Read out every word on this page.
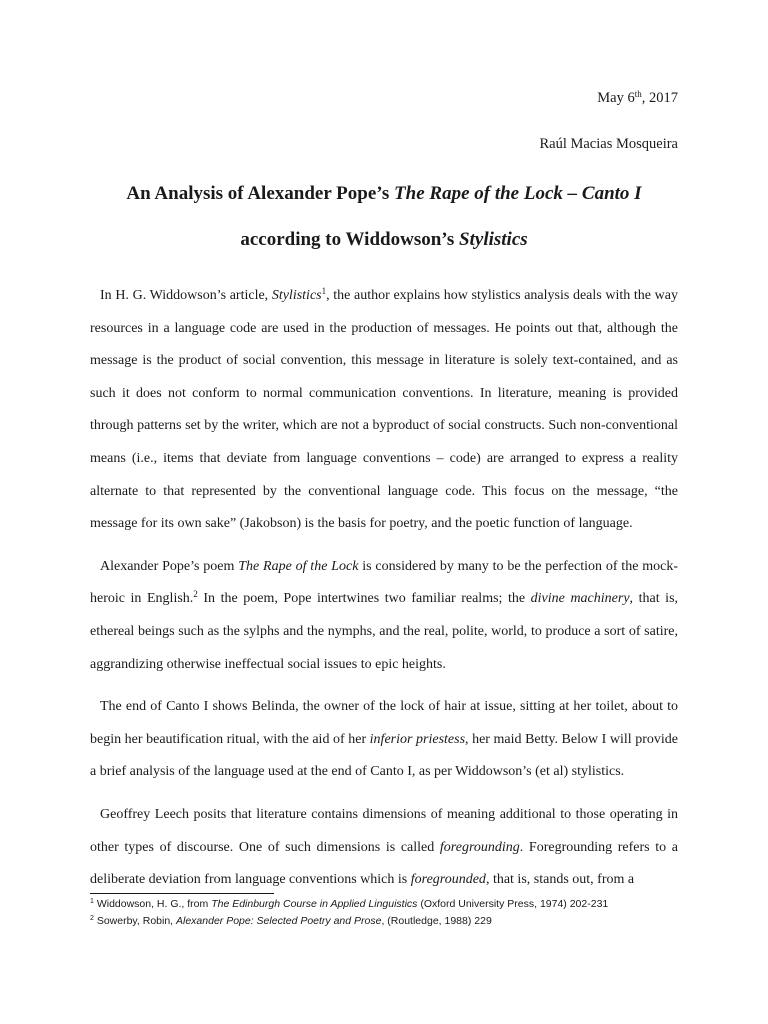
May 6th, 2017
Raúl Macias Mosqueira
An Analysis of Alexander Pope’s The Rape of the Lock – Canto I
according to Widdowson’s Stylistics

In H. G. Widdowson’s article, Stylistics$^1$, the author explains how stylistics analysis deals with the way resources in a language code are used in the production of messages. He points out that, although the message is the product of social convention, this message in literature is solely text-contained, and as such it does not conform to normal communication conventions. In literature, meaning is provided through patterns set by the writer, which are not a byproduct of social constructs. Such non-conventional means (i.e., items that deviate from language conventions – code) are arranged to express a reality alternate to that represented by the conventional language code. This focus on the message, “the message for its own sake” (Jakobson) is the basis for poetry, and the poetic function of language.

Alexander Pope’s poem The Rape of the Lock is considered by many to be the perfection of the mock-heroic in English.$^2$ In the poem, Pope intertwines two familiar realms; the divine machinery, that is, ethereal beings such as the sylphs and the nymphs, and the real, polite, world, to produce a sort of satire, aggrandizing otherwise ineffectual social issues to epic heights.

The end of Canto I shows Belinda, the owner of the lock of hair at issue, sitting at her toilet, about to begin her beautification ritual, with the aid of her inferior priestess, her maid Betty. Below I will provide a brief analysis of the language used at the end of Canto I, as per Widdowson’s (et al) stylistics.

Geoffrey Leech posits that literature contains dimensions of meaning additional to those operating in other types of discourse. One of such dimensions is called foregrounding. Foregrounding refers to a deliberate deviation from language conventions which is foregrounded, that is, stands out, from a

$^1$ Widdowson, H. G., from The Edinburgh Course in Applied Linguistics (Oxford University Press, 1974) 202-231
$^2$ Sowerby, Robin, Alexander Pope: Selected Poetry and Prose, (Routledge, 1988) 229
